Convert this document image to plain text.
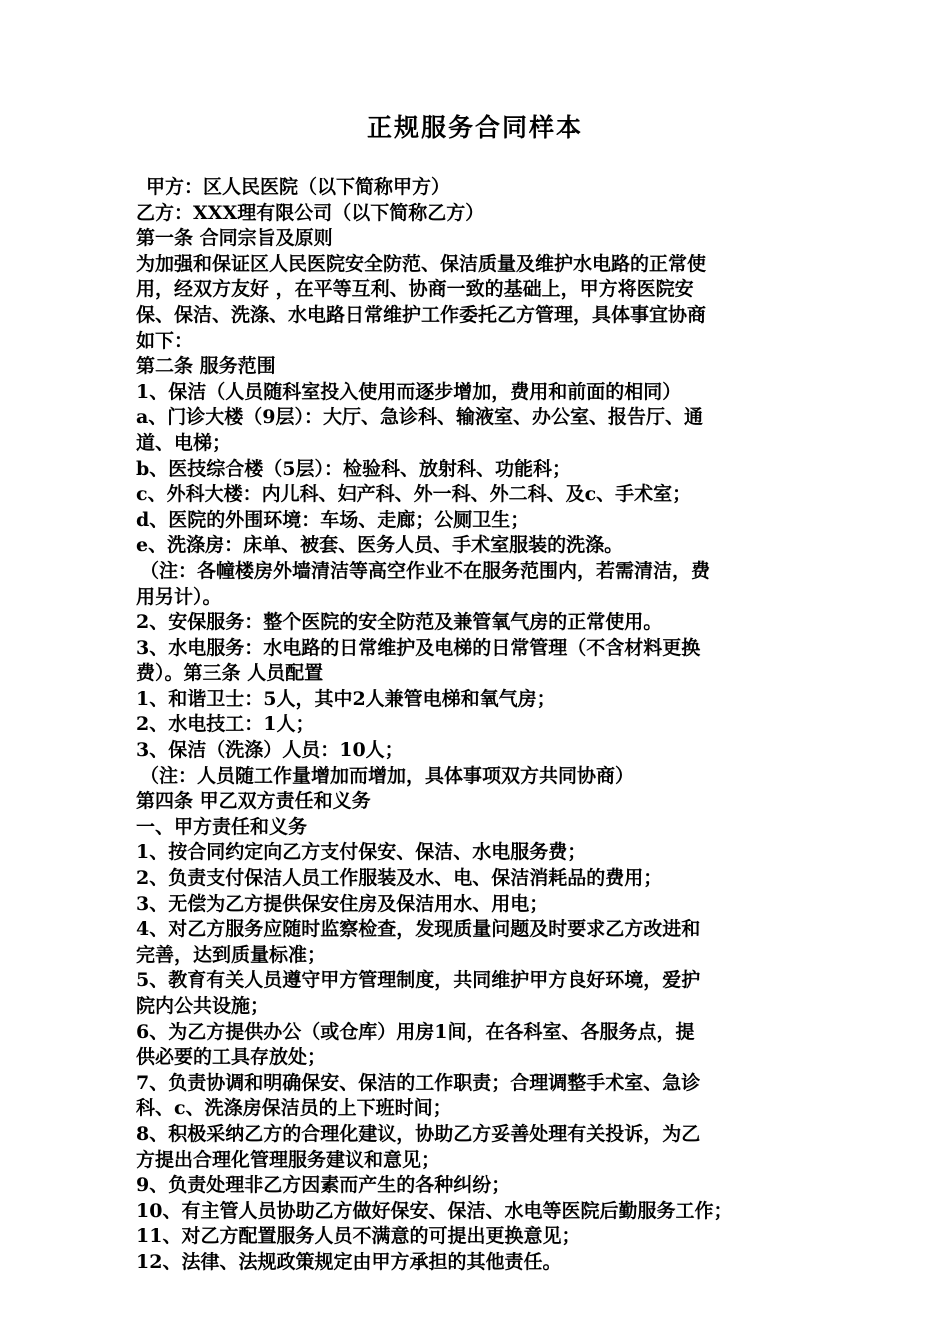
正规服务合同样本

甲方：区人民医院（以下简称甲方）

乙方：XXX理有限公司（以下简称乙方）

第一条 合同宗旨及原则

为加强和保证区人民医院安全防范、保洁质量及维护水电路的正常使

用，经双方友好 ，在平等互利、协商一致的基础上，甲方将医院安

保、保洁、洗涤、水电路日常维护工作委托乙方管理，具体事宜协商

如下：

第二条 服务范围

1、保洁（人员随科室投入使用而逐步增加，费用和前面的相同）

a、门诊大楼（9层）：大厅、急诊科、输液室、办公室、报告厅、通

道、电梯；

b、医技综合楼（5层）：检验科、放射科、功能科；

c、外科大楼：内儿科、妇产科、外一科、外二科、及c、手术室；

d、医院的外围环境：车场、走廊；公厕卫生；

e、洗涤房：床单、被套、医务人员、手术室服装的洗涤。

（注：各幢楼房外墙清洁等高空作业不在服务范围内，若需清洁，费

用另计）。

2、安保服务：整个医院的安全防范及兼管氧气房的正常使用。

3、水电服务：水电路的日常维护及电梯的日常管理（不含材料更换

费）。第三条 人员配置

1、和谐卫士：5人，其中2人兼管电梯和氧气房；

2、水电技工：1人；

3、保洁（洗涤）人员：10人；

（注：人员随工作量增加而增加，具体事项双方共同协商）

第四条 甲乙双方责任和义务

一、甲方责任和义务

1、按合同约定向乙方支付保安、保洁、水电服务费；

2、负责支付保洁人员工作服装及水、电、保洁消耗品的费用；

3、无偿为乙方提供保安住房及保洁用水、用电；

4、对乙方服务应随时监察检查，发现质量问题及时要求乙方改进和

完善，达到质量标准；

5、教育有关人员遵守甲方管理制度，共同维护甲方良好环境，爱护

院内公共设施；

6、为乙方提供办公（或仓库）用房1间，在各科室、各服务点，提

供必要的工具存放处；

7、负责协调和明确保安、保洁的工作职责；合理调整手术室、急诊

科、c、洗涤房保洁员的上下班时间；

8、积极采纳乙方的合理化建议，协助乙方妥善处理有关投诉，为乙

方提出合理化管理服务建议和意见；

9、负责处理非乙方因素而产生的各种纠纷；

10、有主管人员协助乙方做好保安、保洁、水电等医院后勤服务工作；

11、对乙方配置服务人员不满意的可提出更换意见；

12、法律、法规政策规定由甲方承担的其他责任。
